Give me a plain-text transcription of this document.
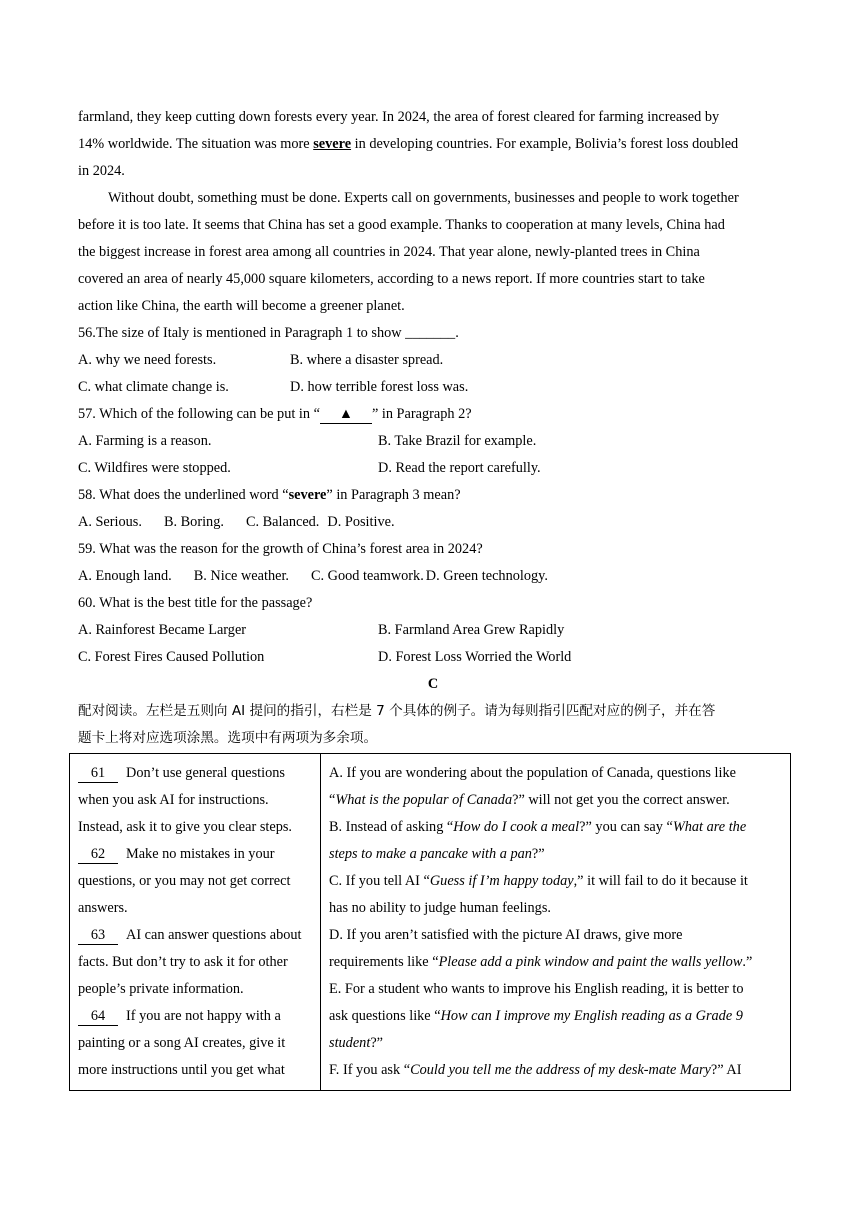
farmland, they keep cutting down forests every year. In 2024, the area of forest cleared for farming increased by
14% worldwide. The situation was more severe in developing countries. For example, Bolivia’s forest loss doubled
in 2024.
Without doubt, something must be done. Experts call on governments, businesses and people to work together
before it is too late. It seems that China has set a good example. Thanks to cooperation at many levels, China had
the biggest increase in forest area among all countries in 2024. That year alone, newly-planted trees in China
covered an area of nearly 45,000 square kilometers, according to a news report. If more countries start to take
action like China, the earth will become a greener planet.
56.The size of Italy is mentioned in Paragraph 1 to show _______.
A. why we need forests.	B. where a disaster spread.
C. what climate change is.	D. how terrible forest loss was.
57. Which of the following can be put in “ ▲ ” in Paragraph 2?
A. Farming is a reason.	B. Take Brazil for example.
C. Wildfires were stopped.	D. Read the report carefully.
58. What does the underlined word “severe” in Paragraph 3 mean?
A. Serious. B. Boring. C. Balanced. D. Positive.
59. What was the reason for the growth of China’s forest area in 2024?
A. Enough land. B. Nice weather. C. Good teamwork. D. Green technology.
60. What is the best title for the passage?
A. Rainforest Became Larger	B. Farmland Area Grew Rapidly
C. Forest Fires Caused Pollution	D. Forest Loss Worried the World
C
配对阅读。左栏是五则向 AI 提问的指引，右栏是 7 个具体的例子。请为每则指引匹配对应的例子，并在答
题卡上将对应选项涂黑。选项中有两项为多余项。
61 Don’t use general questions
when you ask AI for instructions.
Instead, ask it to give you clear steps.
62 Make no mistakes in your
questions, or you may not get correct
answers.
63 AI can answer questions about
facts. But don’t try to ask it for other
people’s private information.
64 If you are not happy with a
painting or a song AI creates, give it
more instructions until you get what

A. If you are wondering about the population of Canada, questions like
“What is the popular of Canada?” will not get you the correct answer.
B. Instead of asking “How do I cook a meal?” you can say “What are the
steps to make a pancake with a pan?”
C. If you tell AI “Guess if I’m happy today,” it will fail to do it because it
has no ability to judge human feelings.
D. If you aren’t satisfied with the picture AI draws, give more
requirements like “Please add a pink window and paint the walls yellow.”
E. For a student who wants to improve his English reading, it is better to
ask questions like “How can I improve my English reading as a Grade 9
student?”
F. If you ask “Could you tell me the address of my desk-mate Mary?” AI
